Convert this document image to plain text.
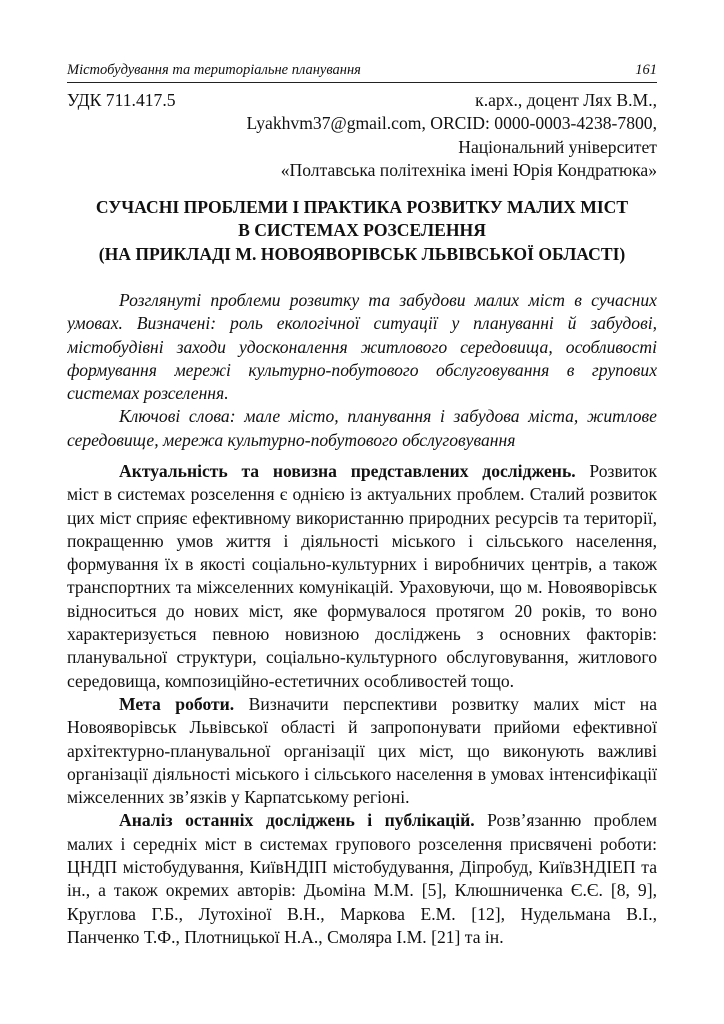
Містобудування та територіальне планування	161
УДК 711.417.5	к.арх., доцент Лях В.М.,
Lyakhvm37@gmail.com, ORCID: 0000-0003-4238-7800,
Національний університет
«Полтавська політехніка імені Юрія Кондратюка»
СУЧАСНІ ПРОБЛЕМИ І ПРАКТИКА РОЗВИТКУ МАЛИХ МІСТ
В СИСТЕМАХ РОЗСЕЛЕННЯ
(НА ПРИКЛАДІ М. НОВОЯВОРІВСЬК ЛЬВІВСЬКОЇ ОБЛАСТІ)
Розглянуті проблеми розвитку та забудови малих міст в сучасних
умовах. Визначені: роль екологічної ситуації у плануванні й забудові,
містобудівні заходи удосконалення житлового середовища, особливості
формування мережі культурно-побутового обслуговування в групових
системах розселення.
Ключові слова: мале місто, планування і забудова міста, житлове
середовище, мережа культурно-побутового обслуговування
Актуальність та новизна представлених досліджень. Розвиток
міст в системах розселення є однією із актуальних проблем. Сталий розвиток
цих міст сприяє ефективному використанню природних ресурсів та території,
покращенню умов життя і діяльності міського і сільського населення,
формування їх в якості соціально-культурних і виробничих центрів, а також
транспортних та міжселенних комунікацій. Ураховуючи, що м. Новояворівськ
відноситься до нових міст, яке формувалося протягом 20 років, то воно
характеризується певною новизною досліджень з основних факторів:
планувальної структури, соціально-культурного обслуговування, житлового
середовища, композиційно-естетичних особливостей тощо.
Мета роботи. Визначити перспективи розвитку малих міст на
Новояворівськ Львівської області й запропонувати прийоми ефективної
архітектурно-планувальної організації цих міст, що виконують важливі
організації діяльності міського і сільського населення в умовах інтенсифікації
міжселенних зв’язків у Карпатському регіоні.
Аналіз останніх досліджень і публікацій. Розв’язанню проблем
малих і середніх міст в системах групового розселення присвячені роботи:
ЦНДП містобудування, КиївНДІП містобудування, Діпробуд, КиївЗНДІЕП та
ін., а також окремих авторів: Дьоміна М.М. [5], Клюшниченка Є.Є. [8, 9],
Круглова Г.Б., Лутохіної В.Н., Маркова Е.М. [12], Нудельмана В.І.,
Панченко Т.Ф., Плотницької Н.А., Смоляра І.М. [21] та ін.
